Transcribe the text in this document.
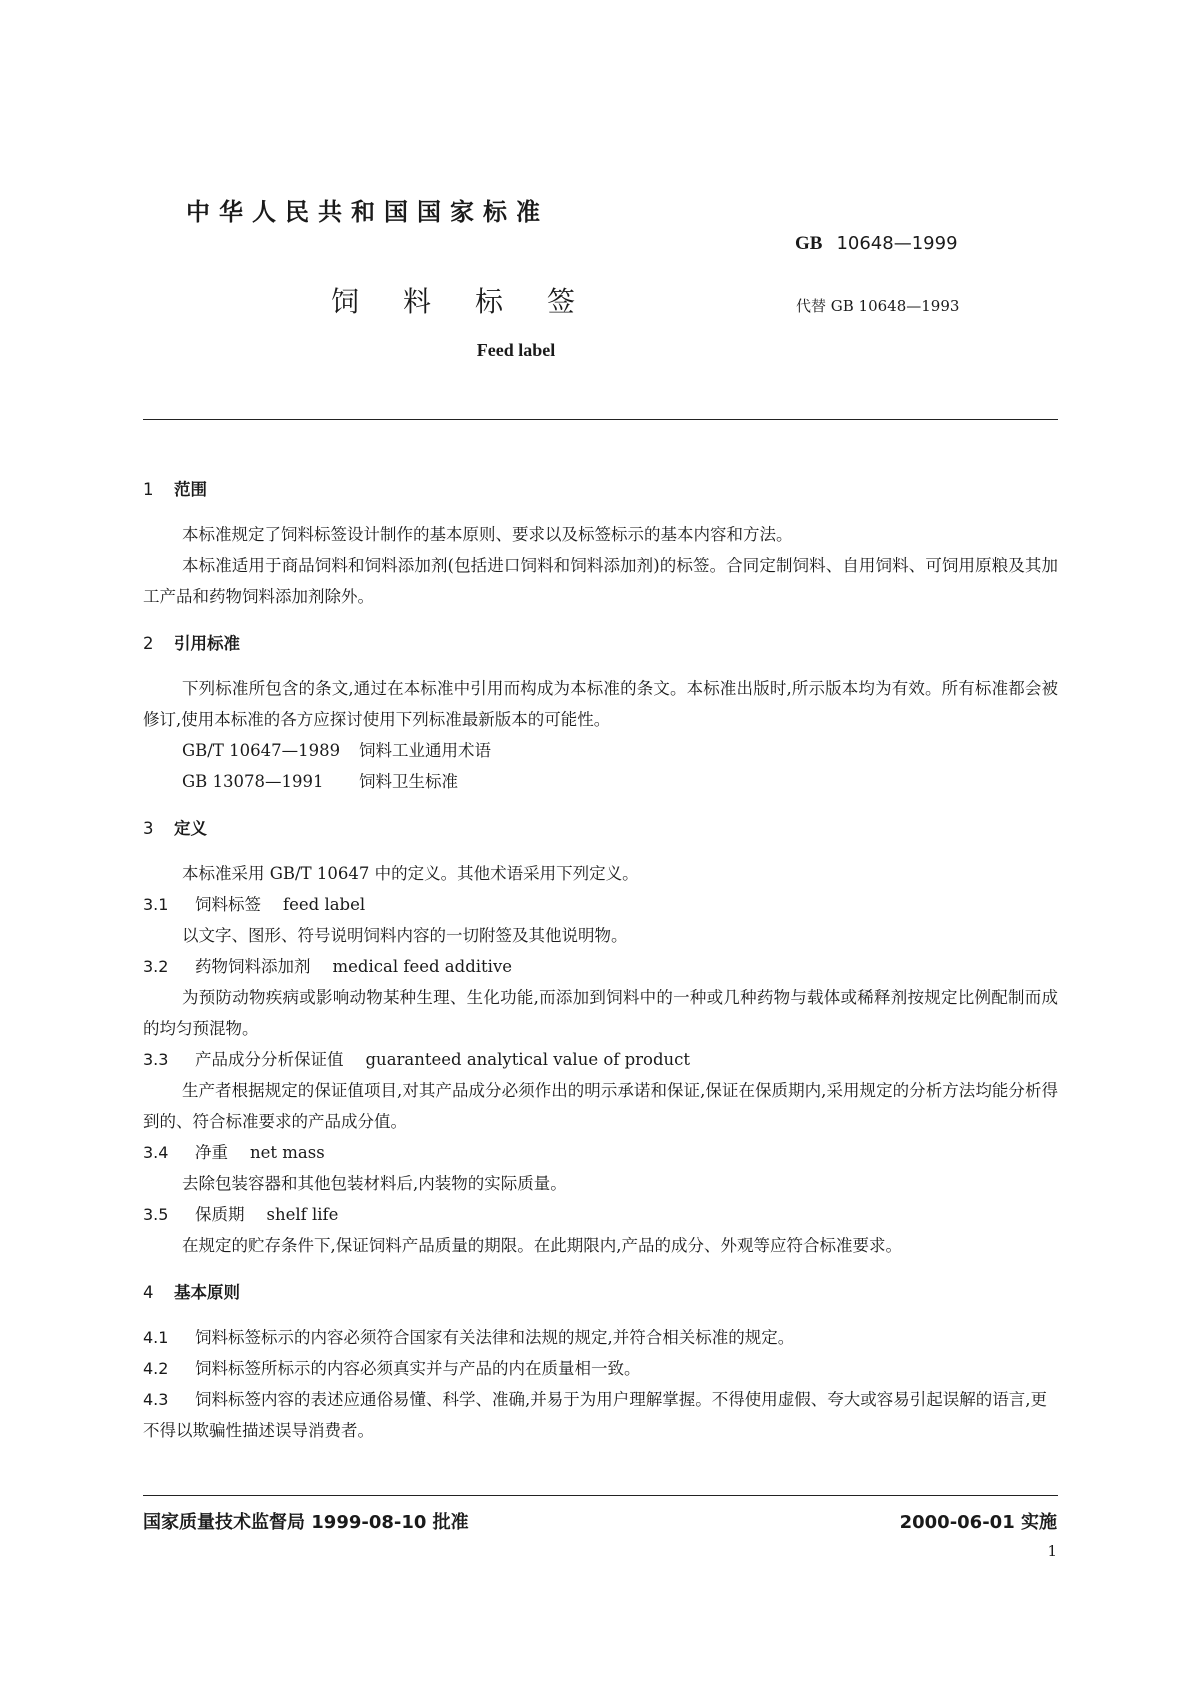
中华人民共和国国家标准
GB 10648—1999
饲料标签	代替 GB 10648—1993
Feed label
1 范围

本标准规定了饲料标签设计制作的基本原则、要求以及标签标示的基本内容和方法。

本标准适用于商品饲料和饲料添加剂(包括进口饲料和饲料添加剂)的标签。合同定制饲料、自用饲料、可饲用原粮及其加工产品和药物饲料添加剂除外。

2 引用标准

下列标准所包含的条文,通过在本标准中引用而构成为本标准的条文。本标准出版时,所示版本均为有效。所有标准都会被修订,使用本标准的各方应探讨使用下列标准最新版本的可能性。

GB/T 10647—1989 饲料工业通用术语

GB 13078—1991 饲料卫生标准

3 定义

本标准采用 GB/T 10647 中的定义。其他术语采用下列定义。

3.1 饲料标签 feed label

以文字、图形、符号说明饲料内容的一切附签及其他说明物。

3.2 药物饲料添加剂 medical feed additive

为预防动物疾病或影响动物某种生理、生化功能,而添加到饲料中的一种或几种药物与载体或稀释剂按规定比例配制而成的均匀预混物。

3.3 产品成分分析保证值 guaranteed analytical value of product

生产者根据规定的保证值项目,对其产品成分必须作出的明示承诺和保证,保证在保质期内,采用规定的分析方法均能分析得到的、符合标准要求的产品成分值。

3.4 净重 net mass

去除包装容器和其他包装材料后,内装物的实际质量。

3.5 保质期 shelf life

在规定的贮存条件下,保证饲料产品质量的期限。在此期限内,产品的成分、外观等应符合标准要求。

4 基本原则

4.1 饲料标签标示的内容必须符合国家有关法律和法规的规定,并符合相关标准的规定。

4.2 饲料标签所标示的内容必须真实并与产品的内在质量相一致。

4.3 饲料标签内容的表述应通俗易懂、科学、准确,并易于为用户理解掌握。不得使用虚假、夸大或容易引起误解的语言,更不得以欺骗性描述误导消费者。

国家质量技术监督局 1999-08-10 批准	2000-06-01 实施
1
